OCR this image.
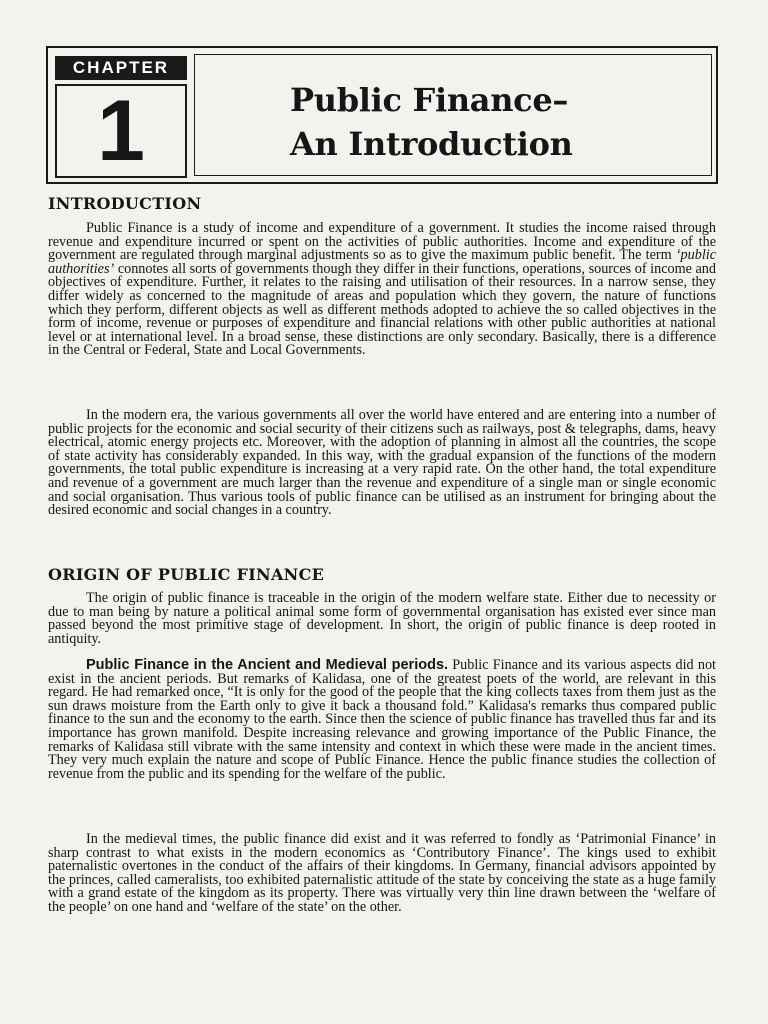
CHAPTER
1	Public Finance–
An Introduction
INTRODUCTION

Public Finance is a study of income and expenditure of a government. It studies the income raised through revenue and expenditure incurred or spent on the activities of public authorities. Income and expenditure of the government are regulated through marginal adjustments so as to give the maximum public benefit. The term ‘public authorities’ connotes all sorts of governments though they differ in their functions, operations, sources of income and objectives of expenditure. Further, it relates to the raising and utilisation of their resources. In a narrow sense, they differ widely as concerned to the magnitude of areas and population which they govern, the nature of functions which they perform, different objects as well as different methods adopted to achieve the so called objectives in the form of income, revenue or purposes of expenditure and financial relations with other public authorities at national level or at international level. In a broad sense, these distinctions are only secondary. Basically, there is a difference in the Central or Federal, State and Local Governments.

In the modern era, the various governments all over the world have entered and are entering into a number of public projects for the economic and social security of their citizens such as railways, post & telegraphs, dams, heavy electrical, atomic energy projects etc. Moreover, with the adoption of planning in almost all the countries, the scope of state activity has considerably expanded. In this way, with the gradual expansion of the functions of the modern governments, the total public expenditure is increasing at a very rapid rate. On the other hand, the total expenditure and revenue of a government are much larger than the revenue and expenditure of a single man or single economic and social organisation. Thus various tools of public finance can be utilised as an instrument for bringing about the desired economic and social changes in a country.

ORIGIN OF PUBLIC FINANCE

The origin of public finance is traceable in the origin of the modern welfare state. Either due to necessity or due to man being by nature a political animal some form of governmental organisation has existed ever since man passed beyond the most primitive stage of development. In short, the origin of public finance is deep rooted in antiquity.

Public Finance in the Ancient and Medieval periods. Public Finance and its various aspects did not exist in the ancient periods. But remarks of Kalidasa, one of the greatest poets of the world, are relevant in this regard. He had remarked once, “It is only for the good of the people that the king collects taxes from them just as the sun draws moisture from the Earth only to give it back a thousand fold.” Kalidasa's remarks thus compared public finance to the sun and the economy to the earth. Since then the science of public finance has travelled thus far and its importance has grown manifold. Despite increasing relevance and growing importance of the Public Finance, the remarks of Kalidasa still vibrate with the same intensity and context in which these were made in the ancient times. They very much explain the nature and scope of Public Finance. Hence the public finance studies the collection of revenue from the public and its spending for the welfare of the public.

In the medieval times, the public finance did exist and it was referred to fondly as ‘Patrimonial Finance’ in sharp contrast to what exists in the modern economics as ‘Contributory Finance’. The kings used to exhibit paternalistic overtones in the conduct of the affairs of their kingdoms. In Germany, financial advisors appointed by the princes, called cameralists, too exhibited paternalistic attitude of the state by conceiving the state as a huge family with a grand estate of the kingdom as its property. There was virtually very thin line drawn between the ‘welfare of the people’ on one hand and ‘welfare of the state’ on the other.
